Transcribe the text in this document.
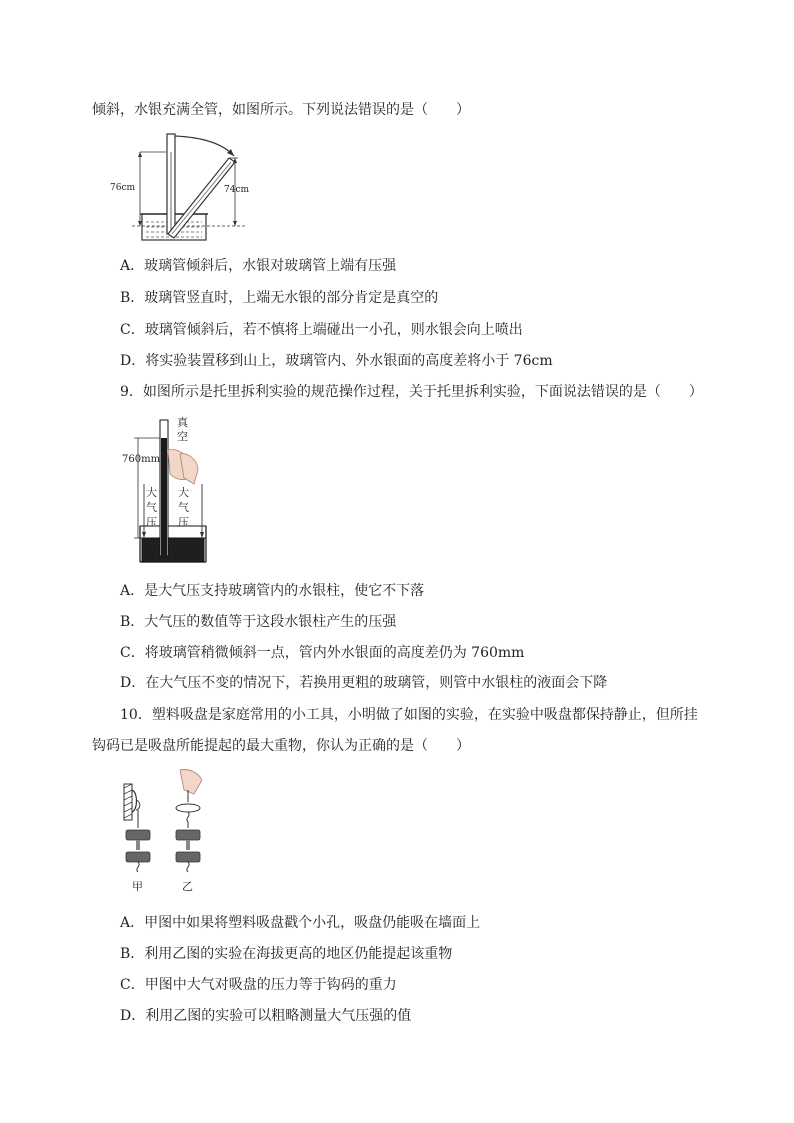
倾斜，水银充满全管，如图所示。下列说法错误的是（　　）
76cm	74cm
A．玻璃管倾斜后，水银对玻璃管上端有压强
B．玻璃管竖直时，上端无水银的部分肯定是真空的
C．玻璃管倾斜后，若不慎将上端碰出一小孔，则水银会向上喷出
D．将实验装置移到山上，玻璃管内、外水银面的高度差将小于 76cm
9．如图所示是托里拆利实验的规范操作过程，关于托里拆利实验，下面说法错误的是（　　）
760mm
真
空
大
气
压
大
气
压
A．是大气压支持玻璃管内的水银柱，使它不下落
B．大气压的数值等于这段水银柱产生的压强
C．将玻璃管稍微倾斜一点，管内外水银面的高度差仍为 760mm
D．在大气压不变的情况下，若换用更粗的玻璃管，则管中水银柱的液面会下降
10．塑料吸盘是家庭常用的小工具，小明做了如图的实验，在实验中吸盘都保持静止，但所挂
钩码已是吸盘所能提起的最大重物，你认为正确的是（　　）
甲	乙
A．甲图中如果将塑料吸盘戳个小孔，吸盘仍能吸在墙面上
B．利用乙图的实验在海拔更高的地区仍能提起该重物
C．甲图中大气对吸盘的压力等于钩码的重力
D．利用乙图的实验可以粗略测量大气压强的值
